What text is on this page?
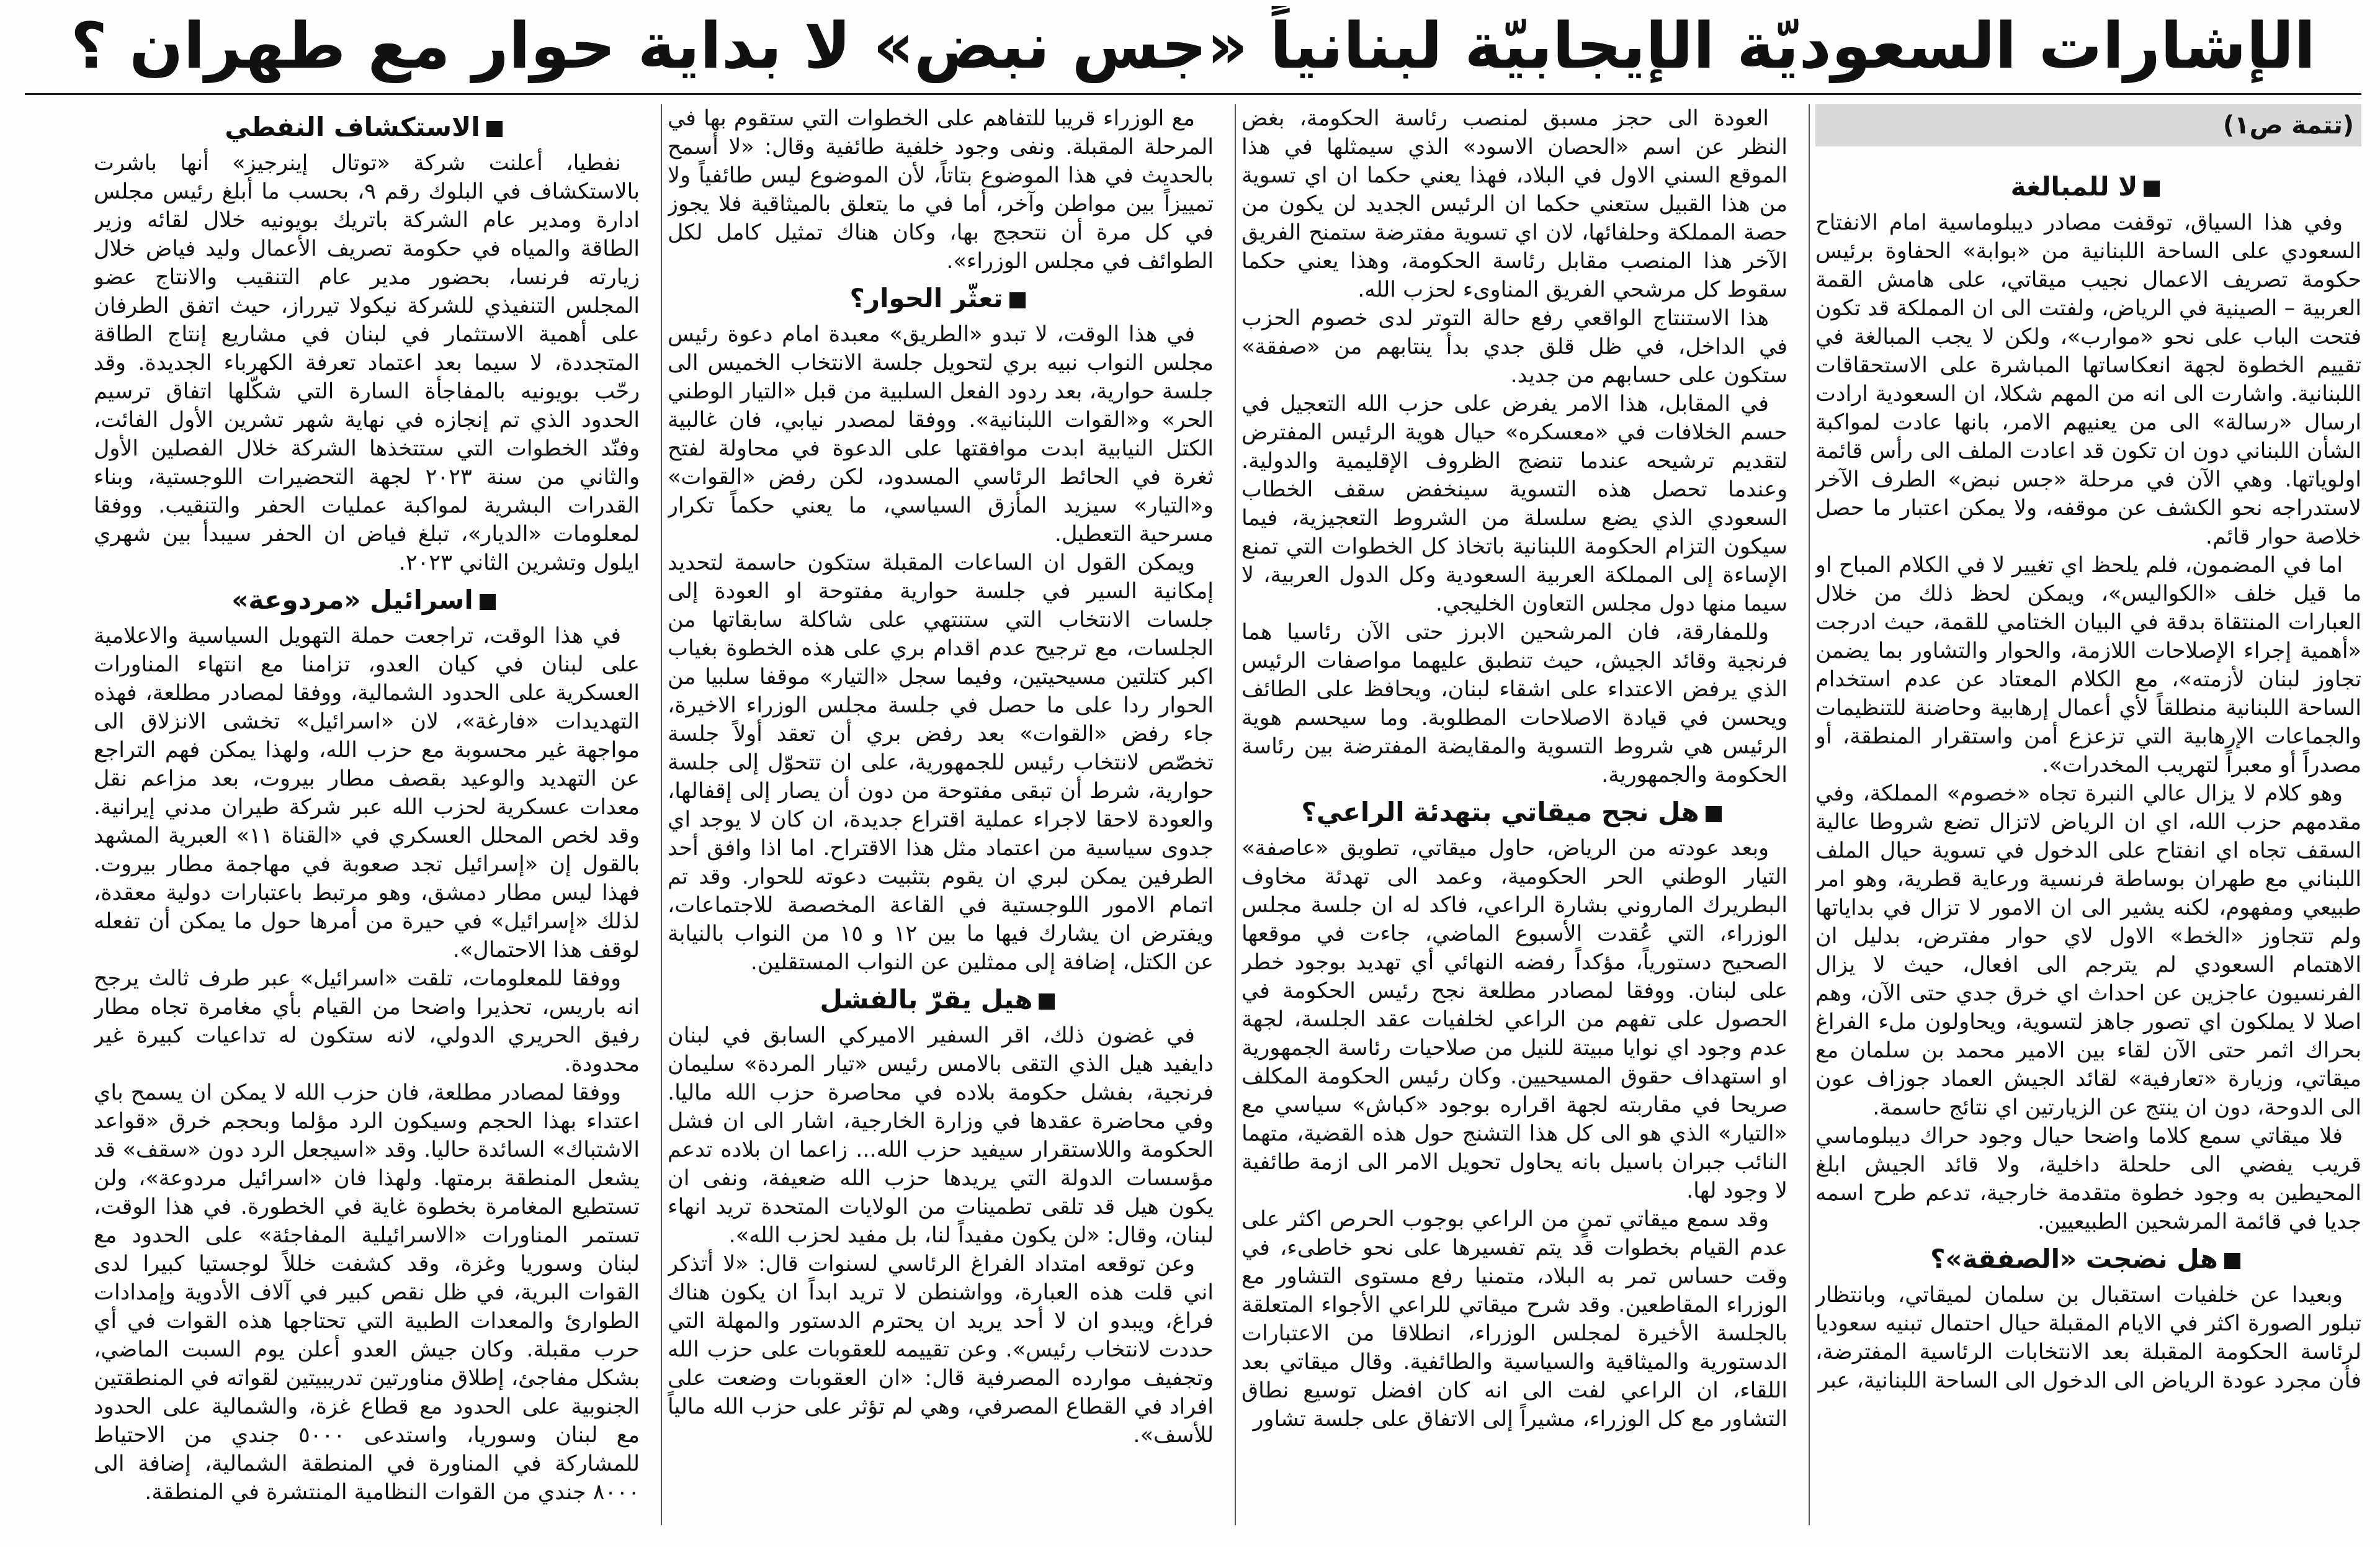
الإشارات السعوديّة الإيجابيّة لبنانياً «جس نبض» لا بداية حوار مع طهران ؟
(تتمة ص١)
لا للمبالغة

وفي هذا السياق، توقفت مصادر ديبلوماسية امام الانفتاح السعودي على الساحة اللبنانية من «بوابة» الحفاوة برئيس حكومة تصريف الاعمال نجيب ميقاتي، على هامش القمة العربية – الصينية في الرياض، ولفتت الى ان المملكة قد تكون فتحت الباب على نحو «موارب»، ولكن لا يجب المبالغة في تقييم الخطوة لجهة انعكاساتها المباشرة على الاستحقاقات اللبنانية. واشارت الى انه من المهم شكلا، ان السعودية ارادت ارسال «رسالة» الى من يعنيهم الامر، بانها عادت لمواكبة الشأن اللبناني دون ان تكون قد اعادت الملف الى رأس قائمة اولوياتها. وهي الآن في مرحلة «جس نبض» الطرف الآخر لاستدراجه نحو الكشف عن موقفه، ولا يمكن اعتبار ما حصل خلاصة حوار قائم.

اما في المضمون، فلم يلحظ اي تغيير لا في الكلام المباح او ما قيل خلف «الكواليس»، ويمكن لحظ ذلك من خلال العبارات المنتقاة بدقة في البيان الختامي للقمة، حيث ادرجت «أهمية إجراء الإصلاحات اللازمة، والحوار والتشاور بما يضمن تجاوز لبنان لأزمته»، مع الكلام المعتاد عن عدم استخدام الساحة اللبنانية منطلقاً لأي أعمال إرهابية وحاضنة للتنظيمات والجماعات الإرهابية التي تزعزع أمن واستقرار المنطقة، أو مصدراً أو معبراً لتهريب المخدرات».

وهو كلام لا يزال عالي النبرة تجاه «خصوم» المملكة، وفي مقدمهم حزب الله، اي ان الرياض لاتزال تضع شروطا عالية السقف تجاه اي انفتاح على الدخول في تسوية حيال الملف اللبناني مع طهران بوساطة فرنسية ورعاية قطرية، وهو امر طبيعي ومفهوم، لكنه يشير الى ان الامور لا تزال في بداياتها ولم تتجاوز «الخط» الاول لاي حوار مفترض، بدليل ان الاهتمام السعودي لم يترجم الى افعال، حيث لا يزال الفرنسيون عاجزين عن احداث اي خرق جدي حتى الآن، وهم اصلا لا يملكون اي تصور جاهز لتسوية، ويحاولون ملء الفراغ بحراك اثمر حتى الآن لقاء بين الامير محمد بن سلمان مع ميقاتي، وزيارة «تعارفية» لقائد الجيش العماد جوزاف عون الى الدوحة، دون ان ينتج عن الزيارتين اي نتائج حاسمة.

فلا ميقاتي سمع كلاما واضحا حيال وجود حراك ديبلوماسي قريب يفضي الى حلحلة داخلية، ولا قائد الجيش ابلغ المحيطين به وجود خطوة متقدمة خارجية، تدعم طرح اسمه جديا في قائمة المرشحين الطبيعيين.

هل نضجت «الصفقة»؟

وبعيدا عن خلفيات استقبال بن سلمان لميقاتي، وبانتظار تبلور الصورة اكثر في الايام المقبلة حيال احتمال تبنيه سعوديا لرئاسة الحكومة المقبلة بعد الانتخابات الرئاسية المفترضة، فأن مجرد عودة الرياض الى الدخول الى الساحة اللبنانية، عبر

العودة الى حجز مسبق لمنصب رئاسة الحكومة، بغض النظر عن اسم «الحصان الاسود» الذي سيمثلها في هذا الموقع السني الاول في البلاد، فهذا يعني حكما ان اي تسوية من هذا القبيل ستعني حكما ان الرئيس الجديد لن يكون من حصة المملكة وحلفائها، لان اي تسوية مفترضة ستمنح الفريق الآخر هذا المنصب مقابل رئاسة الحكومة، وهذا يعني حكما سقوط كل مرشحي الفريق المناوىء لحزب الله.

هذا الاستنتاج الواقعي رفع حالة التوتر لدى خصوم الحزب في الداخل، في ظل قلق جدي بدأ ينتابهم من «صفقة» ستكون على حسابهم من جديد.

في المقابل، هذا الامر يفرض على حزب الله التعجيل في حسم الخلافات في «معسكره» حيال هوية الرئيس المفترض لتقديم ترشيحه عندما تنضج الظروف الإقليمية والدولية. وعندما تحصل هذه التسوية سينخفض سقف الخطاب السعودي الذي يضع سلسلة من الشروط التعجيزية، فيما سيكون التزام الحكومة اللبنانية باتخاذ كل الخطوات التي تمنع الإساءة إلى المملكة العربية السعودية وكل الدول العربية، لا سيما منها دول مجلس التعاون الخليجي.

وللمفارقة، فان المرشحين الابرز حتى الآن رئاسيا هما فرنجية وقائد الجيش، حيث تنطبق عليهما مواصفات الرئيس الذي يرفض الاعتداء على اشقاء لبنان، ويحافظ على الطائف ويحسن في قيادة الاصلاحات المطلوبة. وما سيحسم هوية الرئيس هي شروط التسوية والمقايضة المفترضة بين رئاسة الحكومة والجمهورية.

هل نجح ميقاتي بتهدئة الراعي؟

وبعد عودته من الرياض، حاول ميقاتي، تطويق «عاصفة» التيار الوطني الحر الحكومية، وعمد الى تهدئة مخاوف البطريرك الماروني بشارة الراعي، فاكد له ان جلسة مجلس الوزراء، التي عُقدت الأسبوع الماضي، جاءت في موقعها الصحيح دستورياً، مؤكداً رفضه النهائي أي تهديد بوجود خطر على لبنان. ووفقا لمصادر مطلعة نجح رئيس الحكومة في الحصول على تفهم من الراعي لخلفيات عقد الجلسة، لجهة عدم وجود اي نوايا مبيتة للنيل من صلاحيات رئاسة الجمهورية او استهداف حقوق المسيحيين. وكان رئيس الحكومة المكلف صريحا في مقاربته لجهة اقراره بوجود «كباش» سياسي مع «التيار» الذي هو الى كل هذا التشنج حول هذه القضية، متهما النائب جبران باسيل بانه يحاول تحويل الامر الى ازمة طائفية لا وجود لها.

وقد سمع ميقاتي تمنٍ من الراعي بوجوب الحرص اكثر على عدم القيام بخطوات قد يتم تفسيرها على نحو خاطىء، في وقت حساس تمر به البلاد، متمنيا رفع مستوى التشاور مع الوزراء المقاطعين. وقد شرح ميقاتي للراعي الأجواء المتعلقة بالجلسة الأخيرة لمجلس الوزراء، انطلاقا من الاعتبارات الدستورية والميثاقية والسياسية والطائفية. وقال ميقاتي بعد اللقاء، ان الراعي لفت الى انه كان افضل توسيع نطاق التشاور مع كل الوزراء، مشيراً إلى الاتفاق على جلسة تشاور

مع الوزراء قريبا للتفاهم على الخطوات التي ستقوم بها في المرحلة المقبلة. ونفى وجود خلفية طائفية وقال: «لا أسمح بالحديث في هذا الموضوع بتاتاً، لأن الموضوع ليس طائفياً ولا تمييزاً بين مواطن وآخر، أما في ما يتعلق بالميثاقية فلا يجوز في كل مرة أن نتحجج بها، وكان هناك تمثيل كامل لكل الطوائف في مجلس الوزراء».

تعثّر الحوار؟

في هذا الوقت، لا تبدو «الطريق» معبدة امام دعوة رئيس مجلس النواب نبيه بري لتحويل جلسة الانتخاب الخميس الى جلسة حوارية، بعد ردود الفعل السلبية من قبل «التيار الوطني الحر» و«القوات اللبنانية». ووفقا لمصدر نيابي، فان غالبية الكتل النيابية ابدت موافقتها على الدعوة في محاولة لفتح ثغرة في الحائط الرئاسي المسدود، لكن رفض «القوات» و«التيار» سيزيد المأزق السياسي، ما يعني حكماً تكرار مسرحية التعطيل.

ويمكن القول ان الساعات المقبلة ستكون حاسمة لتحديد إمكانية السير في جلسة حوارية مفتوحة او العودة إلى جلسات الانتخاب التي ستنتهي على شاكلة سابقاتها من الجلسات، مع ترجيح عدم اقدام بري على هذه الخطوة بغياب اكبر كتلتين مسيحيتين، وفيما سجل «التيار» موقفا سلبيا من الحوار ردا على ما حصل في جلسة مجلس الوزراء الاخيرة، جاء رفض «القوات» بعد رفض بري أن تعقد أولاً جلسة تخصّص لانتخاب رئيس للجمهورية، على ان تتحوّل إلى جلسة حوارية، شرط أن تبقى مفتوحة من دون أن يصار إلى إقفالها، والعودة لاحقا لاجراء عملية اقتراع جديدة، ان كان لا يوجد اي جدوى سياسية من اعتماد مثل هذا الاقتراح. اما اذا وافق أحد الطرفين يمكن لبري ان يقوم بتثبيت دعوته للحوار. وقد تم اتمام الامور اللوجستية في القاعة المخصصة للاجتماعات، ويفترض ان يشارك فيها ما بين ١٢ و ١٥ من النواب بالنيابة عن الكتل، إضافة إلى ممثلين عن النواب المستقلين.

هيل يقرّ بالفشل

في غضون ذلك، اقر السفير الاميركي السابق في لبنان دايفيد هيل الذي التقى بالامس رئيس «تيار المردة» سليمان فرنجية، بفشل حكومة بلاده في محاصرة حزب الله ماليا. وفي محاضرة عقدها في وزارة الخارجية، اشار الى ان فشل الحكومة واللاستقرار سيفيد حزب الله... زاعما ان بلاده تدعم مؤسسات الدولة التي يريدها حزب الله ضعيفة، ونفى ان يكون هيل قد تلقى تطمينات من الولايات المتحدة تريد انهاء لبنان، وقال: «لن يكون مفيداً لنا، بل مفيد لحزب الله».

وعن توقعه امتداد الفراغ الرئاسي لسنوات قال: «لا أتذكر اني قلت هذه العبارة، وواشنطن لا تريد ابداً ان يكون هناك فراغ، ويبدو ان لا أحد يريد ان يحترم الدستور والمهلة التي حددت لانتخاب رئيس». وعن تقييمه للعقوبات على حزب الله وتجفيف موارده المصرفية قال: «ان العقوبات وضعت على افراد في القطاع المصرفي، وهي لم تؤثر على حزب الله مالياً للأسف».

الاستكشاف النفطي

نفطيا، أعلنت شركة «توتال إينرجيز» أنها باشرت بالاستكشاف في البلوك رقم ٩، بحسب ما أبلغ رئيس مجلس ادارة ومدير عام الشركة باتريك بويونيه خلال لقائه وزير الطاقة والمياه في حكومة تصريف الأعمال وليد فياض خلال زيارته فرنسا، بحضور مدير عام التنقيب والانتاج عضو المجلس التنفيذي للشركة نيكولا تيرراز، حيث اتفق الطرفان على أهمية الاستثمار في لبنان في مشاريع إنتاج الطاقة المتجددة، لا سيما بعد اعتماد تعرفة الكهرباء الجديدة. وقد رحّب بويونيه بالمفاجأة السارة التي شكّلها اتفاق ترسيم الحدود الذي تم إنجازه في نهاية شهر تشرين الأول الفائت، وفنّد الخطوات التي ستتخذها الشركة خلال الفصلين الأول والثاني من سنة ٢٠٢٣ لجهة التحضيرات اللوجستية، وبناء القدرات البشرية لمواكبة عمليات الحفر والتنقيب. ووفقا لمعلومات «الديار»، تبلغ فياض ان الحفر سيبدأ بين شهري ايلول وتشرين الثاني ٢٠٢٣.

اسرائيل «مردوعة»

في هذا الوقت، تراجعت حملة التهويل السياسية والاعلامية على لبنان في كيان العدو، تزامنا مع انتهاء المناورات العسكرية على الحدود الشمالية، ووفقا لمصادر مطلعة، فهذه التهديدات «فارغة»، لان «اسرائيل» تخشى الانزلاق الى مواجهة غير محسوبة مع حزب الله، ولهذا يمكن فهم التراجع عن التهديد والوعيد بقصف مطار بيروت، بعد مزاعم نقل معدات عسكرية لحزب الله عبر شركة طيران مدني إيرانية. وقد لخص المحلل العسكري في «القناة ١١» العبرية المشهد بالقول إن «إسرائيل تجد صعوبة في مهاجمة مطار بيروت. فهذا ليس مطار دمشق، وهو مرتبط باعتبارات دولية معقدة، لذلك «إسرائيل» في حيرة من أمرها حول ما يمكن أن تفعله لوقف هذا الاحتمال».

ووفقا للمعلومات، تلقت «اسرائيل» عبر طرف ثالث يرجح انه باريس، تحذيرا واضحا من القيام بأي مغامرة تجاه مطار رفيق الحريري الدولي، لانه ستكون له تداعيات كبيرة غير محدودة.

ووفقا لمصادر مطلعة، فان حزب الله لا يمكن ان يسمح باي اعتداء بهذا الحجم وسيكون الرد مؤلما وبحجم خرق «قواعد الاشتباك» السائدة حاليا. وقد «اسيجعل الرد دون «سقف» قد يشعل المنطقة برمتها. ولهذا فان «اسرائيل مردوعة»، ولن تستطيع المغامرة بخطوة غاية في الخطورة. في هذا الوقت، تستمر المناورات «الاسرائيلية المفاجئة» على الحدود مع لبنان وسوريا وغزة، وقد كشفت خللاً لوجستيا كبيرا لدى القوات البرية، في ظل نقص كبير في آلاف الأدوية وإمدادات الطوارئ والمعدات الطبية التي تحتاجها هذه القوات في أي حرب مقبلة. وكان جيش العدو أعلن يوم السبت الماضي، بشكل مفاجئ، إطلاق مناورتين تدريبيتين لقواته في المنطقتين الجنوبية على الحدود مع قطاع غزة، والشمالية على الحدود مع لبنان وسوريا، واستدعى ٥٠٠٠ جندي من الاحتياط للمشاركة في المناورة في المنطقة الشمالية، إضافة الى ٨٠٠٠ جندي من القوات النظامية المنتشرة في المنطقة.
